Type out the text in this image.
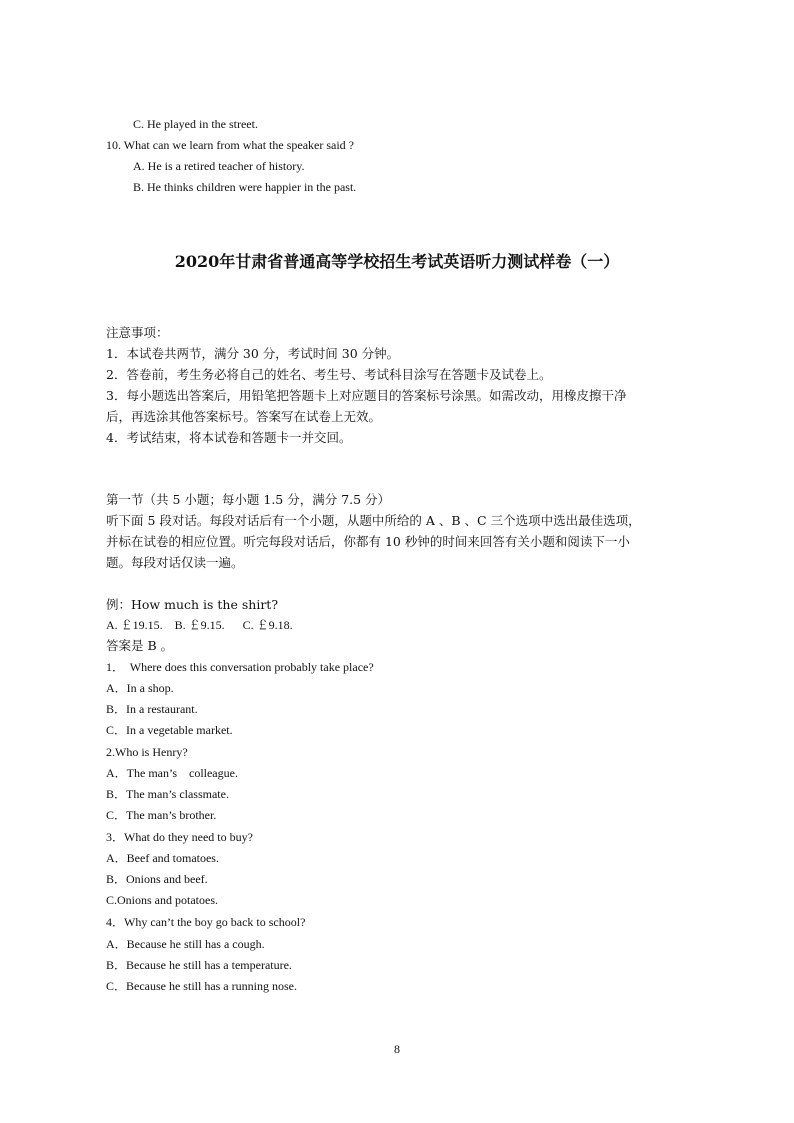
C. He played in the street.
10. What can we learn from what the speaker said ?
A. He is a retired teacher of history.
B. He thinks children were happier in the past.
2020年甘肃省普通高等学校招生考试英语听力测试样卷（一）
注意事项：
1．本试卷共两节，满分 30 分，考试时间 30 分钟。
2．答卷前，考生务必将自己的姓名、考生号、考试科目涂写在答题卡及试卷上。
3．每小题选出答案后，用铅笔把答题卡上对应题目的答案标号涂黑。如需改动，用橡皮擦干净
后，再选涂其他答案标号。答案写在试卷上无效。
4．考试结束，将本试卷和答题卡一并交回。
第一节（共 5 小题；每小题 1.5 分，满分 7.5 分）
听下面 5 段对话。每段对话后有一个小题，从题中所给的 A 、B 、C 三个选项中选出最佳选项，
并标在试卷的相应位置。听完每段对话后，你都有 10 秒钟的时间来回答有关小题和阅读下一小
题。每段对话仅读一遍。
例：How much is the shirt?
A. ￡19.15.    B. ￡9.15.      C. ￡9.18.
答案是 B 。
1．  Where does this conversation probably take place?
A．In a shop.
B．In a restaurant.
C．In a vegetable market.
2.Who is Henry?
A．The man’s    colleague.
B．The man’s classmate.
C．The man’s brother.
3．What do they need to buy?
A．Beef and tomatoes.
B．Onions and beef.
C.Onions and potatoes.
4．Why can’t the boy go back to school?
A．Because he still has a cough.
B．Because he still has a temperature.
C．Because he still has a running nose.
8
